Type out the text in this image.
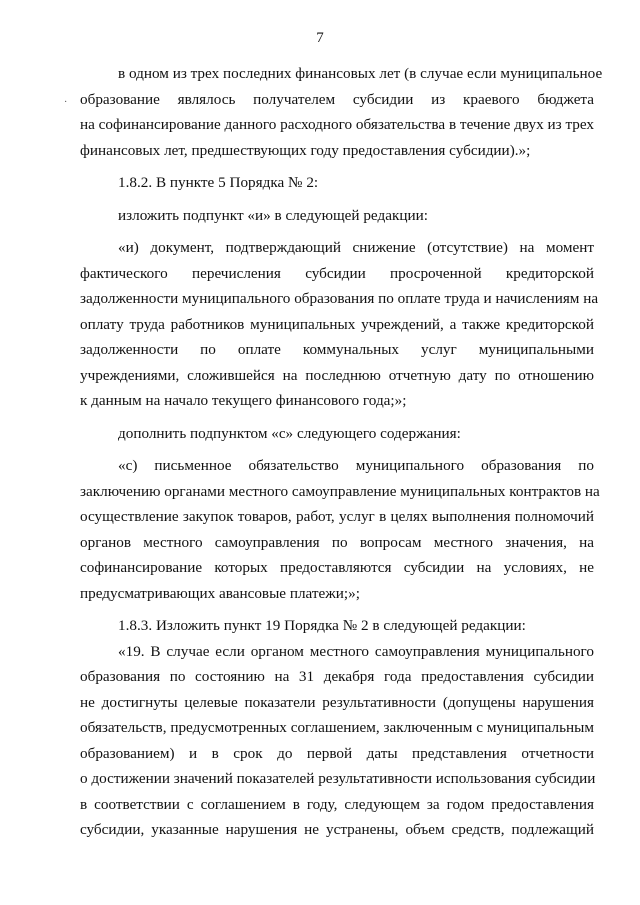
7
·
в одном из трех последних финансовых лет (в случае если муниципальное
образование являлось получателем субсидии из краевого бюджета
на софинансирование данного расходного обязательства в течение двух из трех
финансовых лет, предшествующих году предоставления субсидии).»;
1.8.2. В пункте 5 Порядка № 2:
изложить подпункт «и» в следующей редакции:
«и) документ, подтверждающий снижение (отсутствие) на момент
фактического перечисления субсидии просроченной кредиторской
задолженности муниципального образования по оплате труда и начислениям на
оплату труда работников муниципальных учреждений, а также кредиторской
задолженности по оплате коммунальных услуг муниципальными
учреждениями, сложившейся на последнюю отчетную дату по отношению
к данным на начало текущего финансового года;»;
дополнить подпунктом «с» следующего содержания:
«с) письменное обязательство муниципального образования по
заключению органами местного самоуправление муниципальных контрактов на
осуществление закупок товаров, работ, услуг в целях выполнения полномочий
органов местного самоуправления по вопросам местного значения, на
софинансирование которых предоставляются субсидии на условиях, не
предусматривающих авансовые платежи;»;
1.8.3. Изложить пункт 19 Порядка № 2 в следующей редакции:
«19. В случае если органом местного самоуправления муниципального
образования по состоянию на 31 декабря года предоставления субсидии
не достигнуты целевые показатели результативности (допущены нарушения
обязательств, предусмотренных соглашением, заключенным с муниципальным
образованием) и в срок до первой даты представления отчетности
о достижении значений показателей результативности использования субсидии
в соответствии с соглашением в году, следующем за годом предоставления
субсидии, указанные нарушения не устранены, объем средств, подлежащий
